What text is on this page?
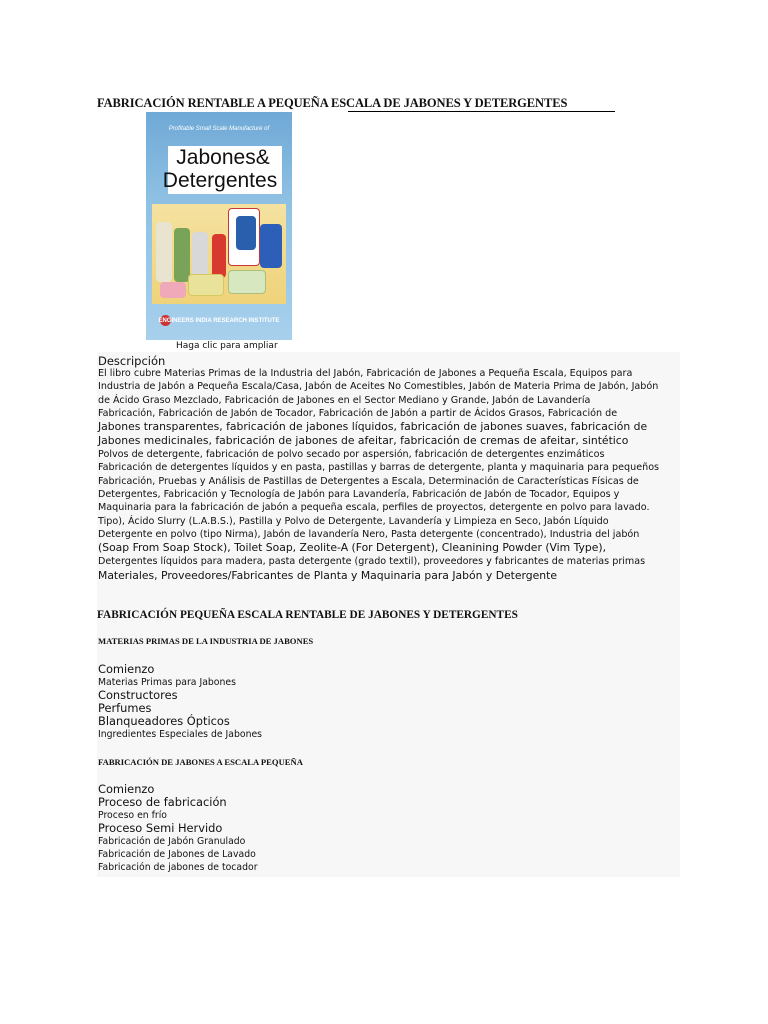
FABRICACIÓN RENTABLE A PEQUEÑA ESCALA DE JABONES Y DETERGENTES
Profitable Small Scale Manufacture of
Jabones&
Detergentes
ENGINEERS INDIA RESEARCH INSTITUTE
Haga clic para ampliar
Descripción
El libro cubre Materias Primas de la Industria del Jabón, Fabricación de Jabones a Pequeña Escala, Equipos para
Industria de Jabón a Pequeña Escala/Casa, Jabón de Aceites No Comestibles, Jabón de Materia Prima de Jabón, Jabón
de Ácido Graso Mezclado, Fabricación de Jabones en el Sector Mediano y Grande, Jabón de Lavandería
Fabricación, Fabricación de Jabón de Tocador, Fabricación de Jabón a partir de Ácidos Grasos, Fabricación de
Jabones transparentes, fabricación de jabones líquidos, fabricación de jabones suaves, fabricación de
Jabones medicinales, fabricación de jabones de afeitar, fabricación de cremas de afeitar, sintético
Polvos de detergente, fabricación de polvo secado por aspersión, fabricación de detergentes enzimáticos
Fabricación de detergentes líquidos y en pasta, pastillas y barras de detergente, planta y maquinaria para pequeños
Fabricación, Pruebas y Análisis de Pastillas de Detergentes a Escala, Determinación de Características Físicas de
Detergentes, Fabricación y Tecnología de Jabón para Lavandería, Fabricación de Jabón de Tocador, Equipos y
Maquinaria para la fabricación de jabón a pequeña escala, perfiles de proyectos, detergente en polvo para lavado.
Tipo), Ácido Slurry (L.A.B.S.), Pastilla y Polvo de Detergente, Lavandería y Limpieza en Seco, Jabón Líquido
Detergente en polvo (tipo Nirma), Jabón de lavandería Nero, Pasta detergente (concentrado), Industria del jabón
(Soap From Soap Stock), Toilet Soap, Zeolite-A (For Detergent), Cleanining Powder (Vim Type),
Detergentes líquidos para madera, pasta detergente (grado textil), proveedores y fabricantes de materias primas
Materiales, Proveedores/Fabricantes de Planta y Maquinaria para Jabón y Detergente
FABRICACIÓN PEQUEÑA ESCALA RENTABLE DE JABONES Y DETERGENTES
MATERIAS PRIMAS DE LA INDUSTRIA DE JABONES
Comienzo
Materias Primas para Jabones
Constructores
Perfumes
Blanqueadores Ópticos
Ingredientes Especiales de Jabones
FABRICACIÓN DE JABONES A ESCALA PEQUEÑA
Comienzo
Proceso de fabricación
Proceso en frío
Proceso Semi Hervido
Fabricación de Jabón Granulado
Fabricación de Jabones de Lavado
Fabricación de jabones de tocador
